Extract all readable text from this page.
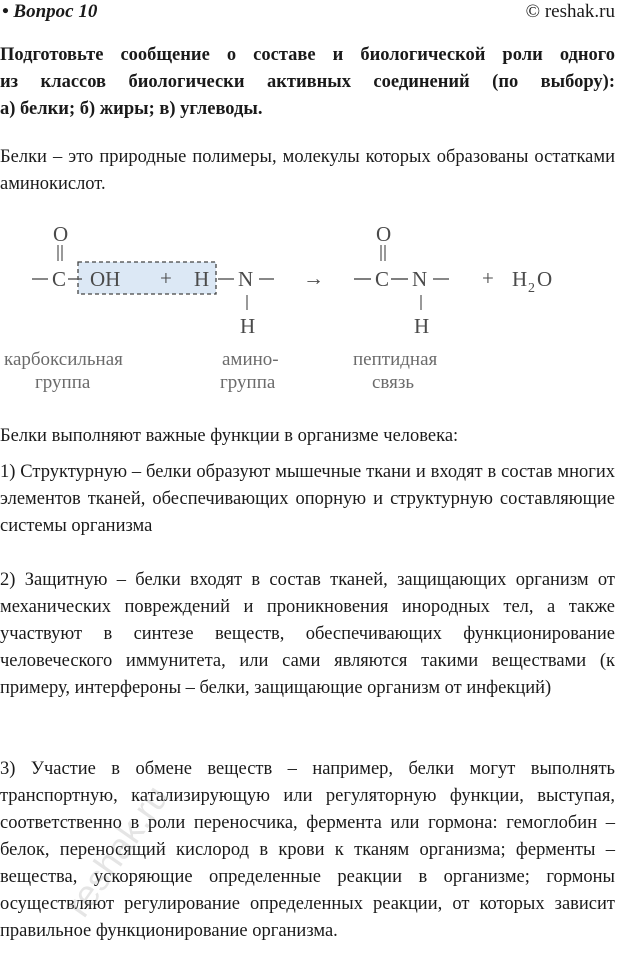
• Вопрос 10	© reshak.ru
Подготовьте сообщение о составе и биологической роли одного
из классов биологически активных соединений (по выбору):
а) белки; б) жиры; в) углеводы.
Белки – это природные полимеры, молекулы которых образованы остатками аминокислот.
O
C OH + H N
H
→
O
C N
H
+ H 2 O
карбоксильная
группа
амино-
группа
пептидная
связь
Белки выполняют важные функции в организме человека:
1) Структурную – белки образуют мышечные ткани и входят в состав многих элементов тканей, обеспечивающих опорную и структурную составляющие системы организма
2) Защитную – белки входят в состав тканей, защищающих организм от механических повреждений и проникновения инородных тел, а также участвуют в синтезе веществ, обеспечивающих функционирование человеческого иммунитета, или сами являются такими веществами (к примеру, интерфероны – белки, защищающие организм от инфекций)
3) Участие в обмене веществ – например, белки могут выполнять транспортную, катализирующую или регуляторную функции, выступая, соответственно в роли переносчика, фермента или гормона: гемоглобин – белок, переносящий кислород в крови к тканям организма; ферменты – вещества, ускоряющие определенные реакции в организме; гормоны осуществляют регулирование определенных реакции, от которых зависит правильное функционирование организма.
reshak.ru
